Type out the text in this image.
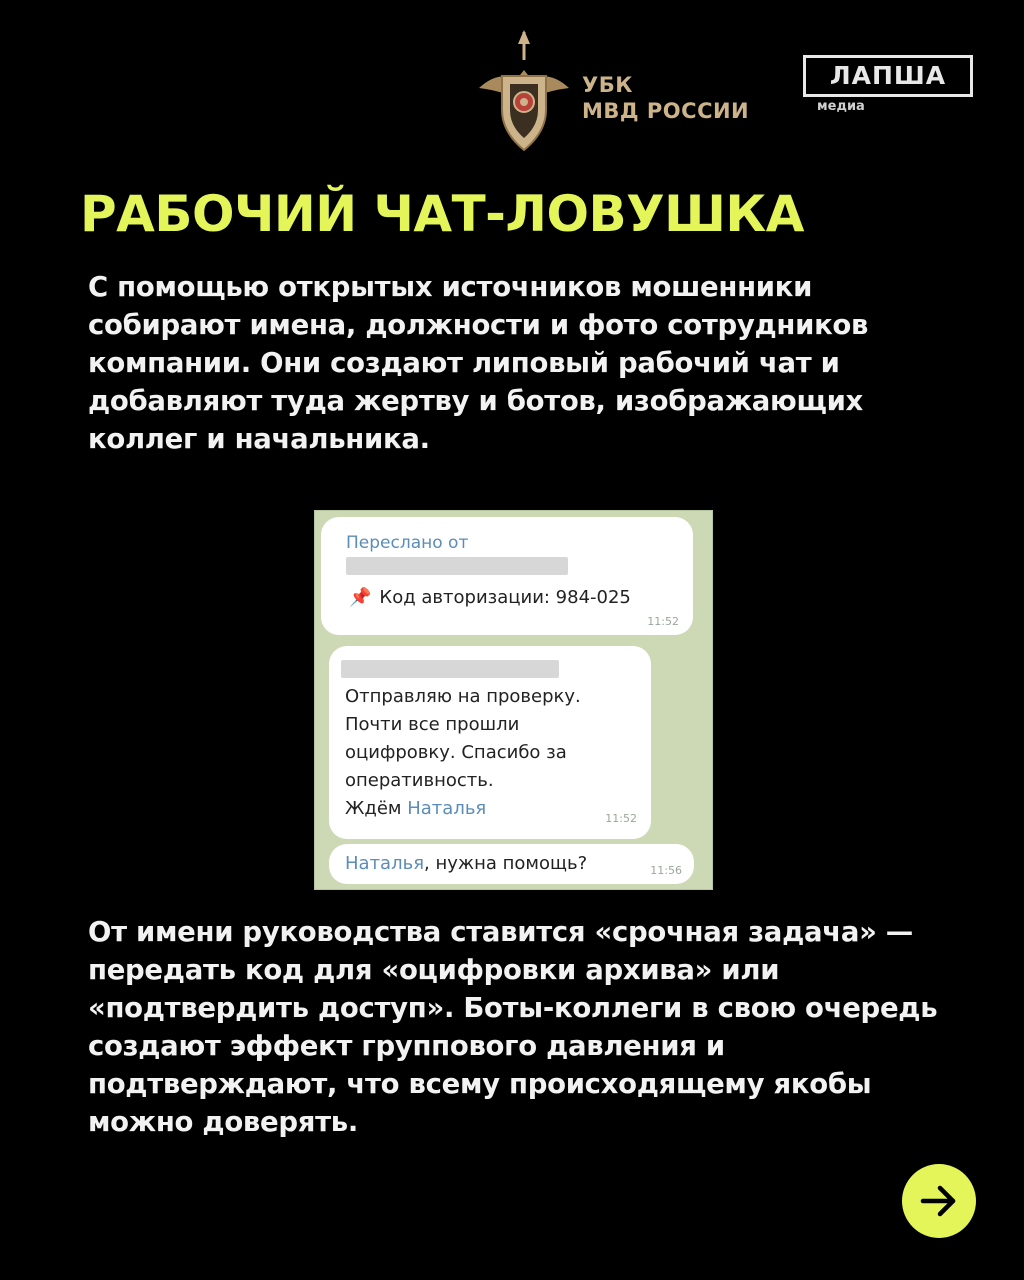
УБК
МВД РОССИИ
ЛАПША
медиа
РАБОЧИЙ ЧАТ-ЛОВУШКА
С помощью открытых источников мошенники собирают имена, должности и фото сотрудников компании. Они создают липовый рабочий чат и добавляют туда жертву и ботов, изображающих коллег и начальника.
Переслано от
📌 Код авторизации: 984-025
11:52
Отправляю на проверку.
Почти все прошли
оцифровку. Спасибо за
оперативность.
Ждём Наталья	11:52
Наталья, нужна помощь?	11:56
От имени руководства ставится «срочная задача» — передать код для «оцифровки архива» или «подтвердить доступ». Боты-коллеги в свою очередь создают эффект группового давления и подтверждают, что всему происходящему якобы можно доверять.
